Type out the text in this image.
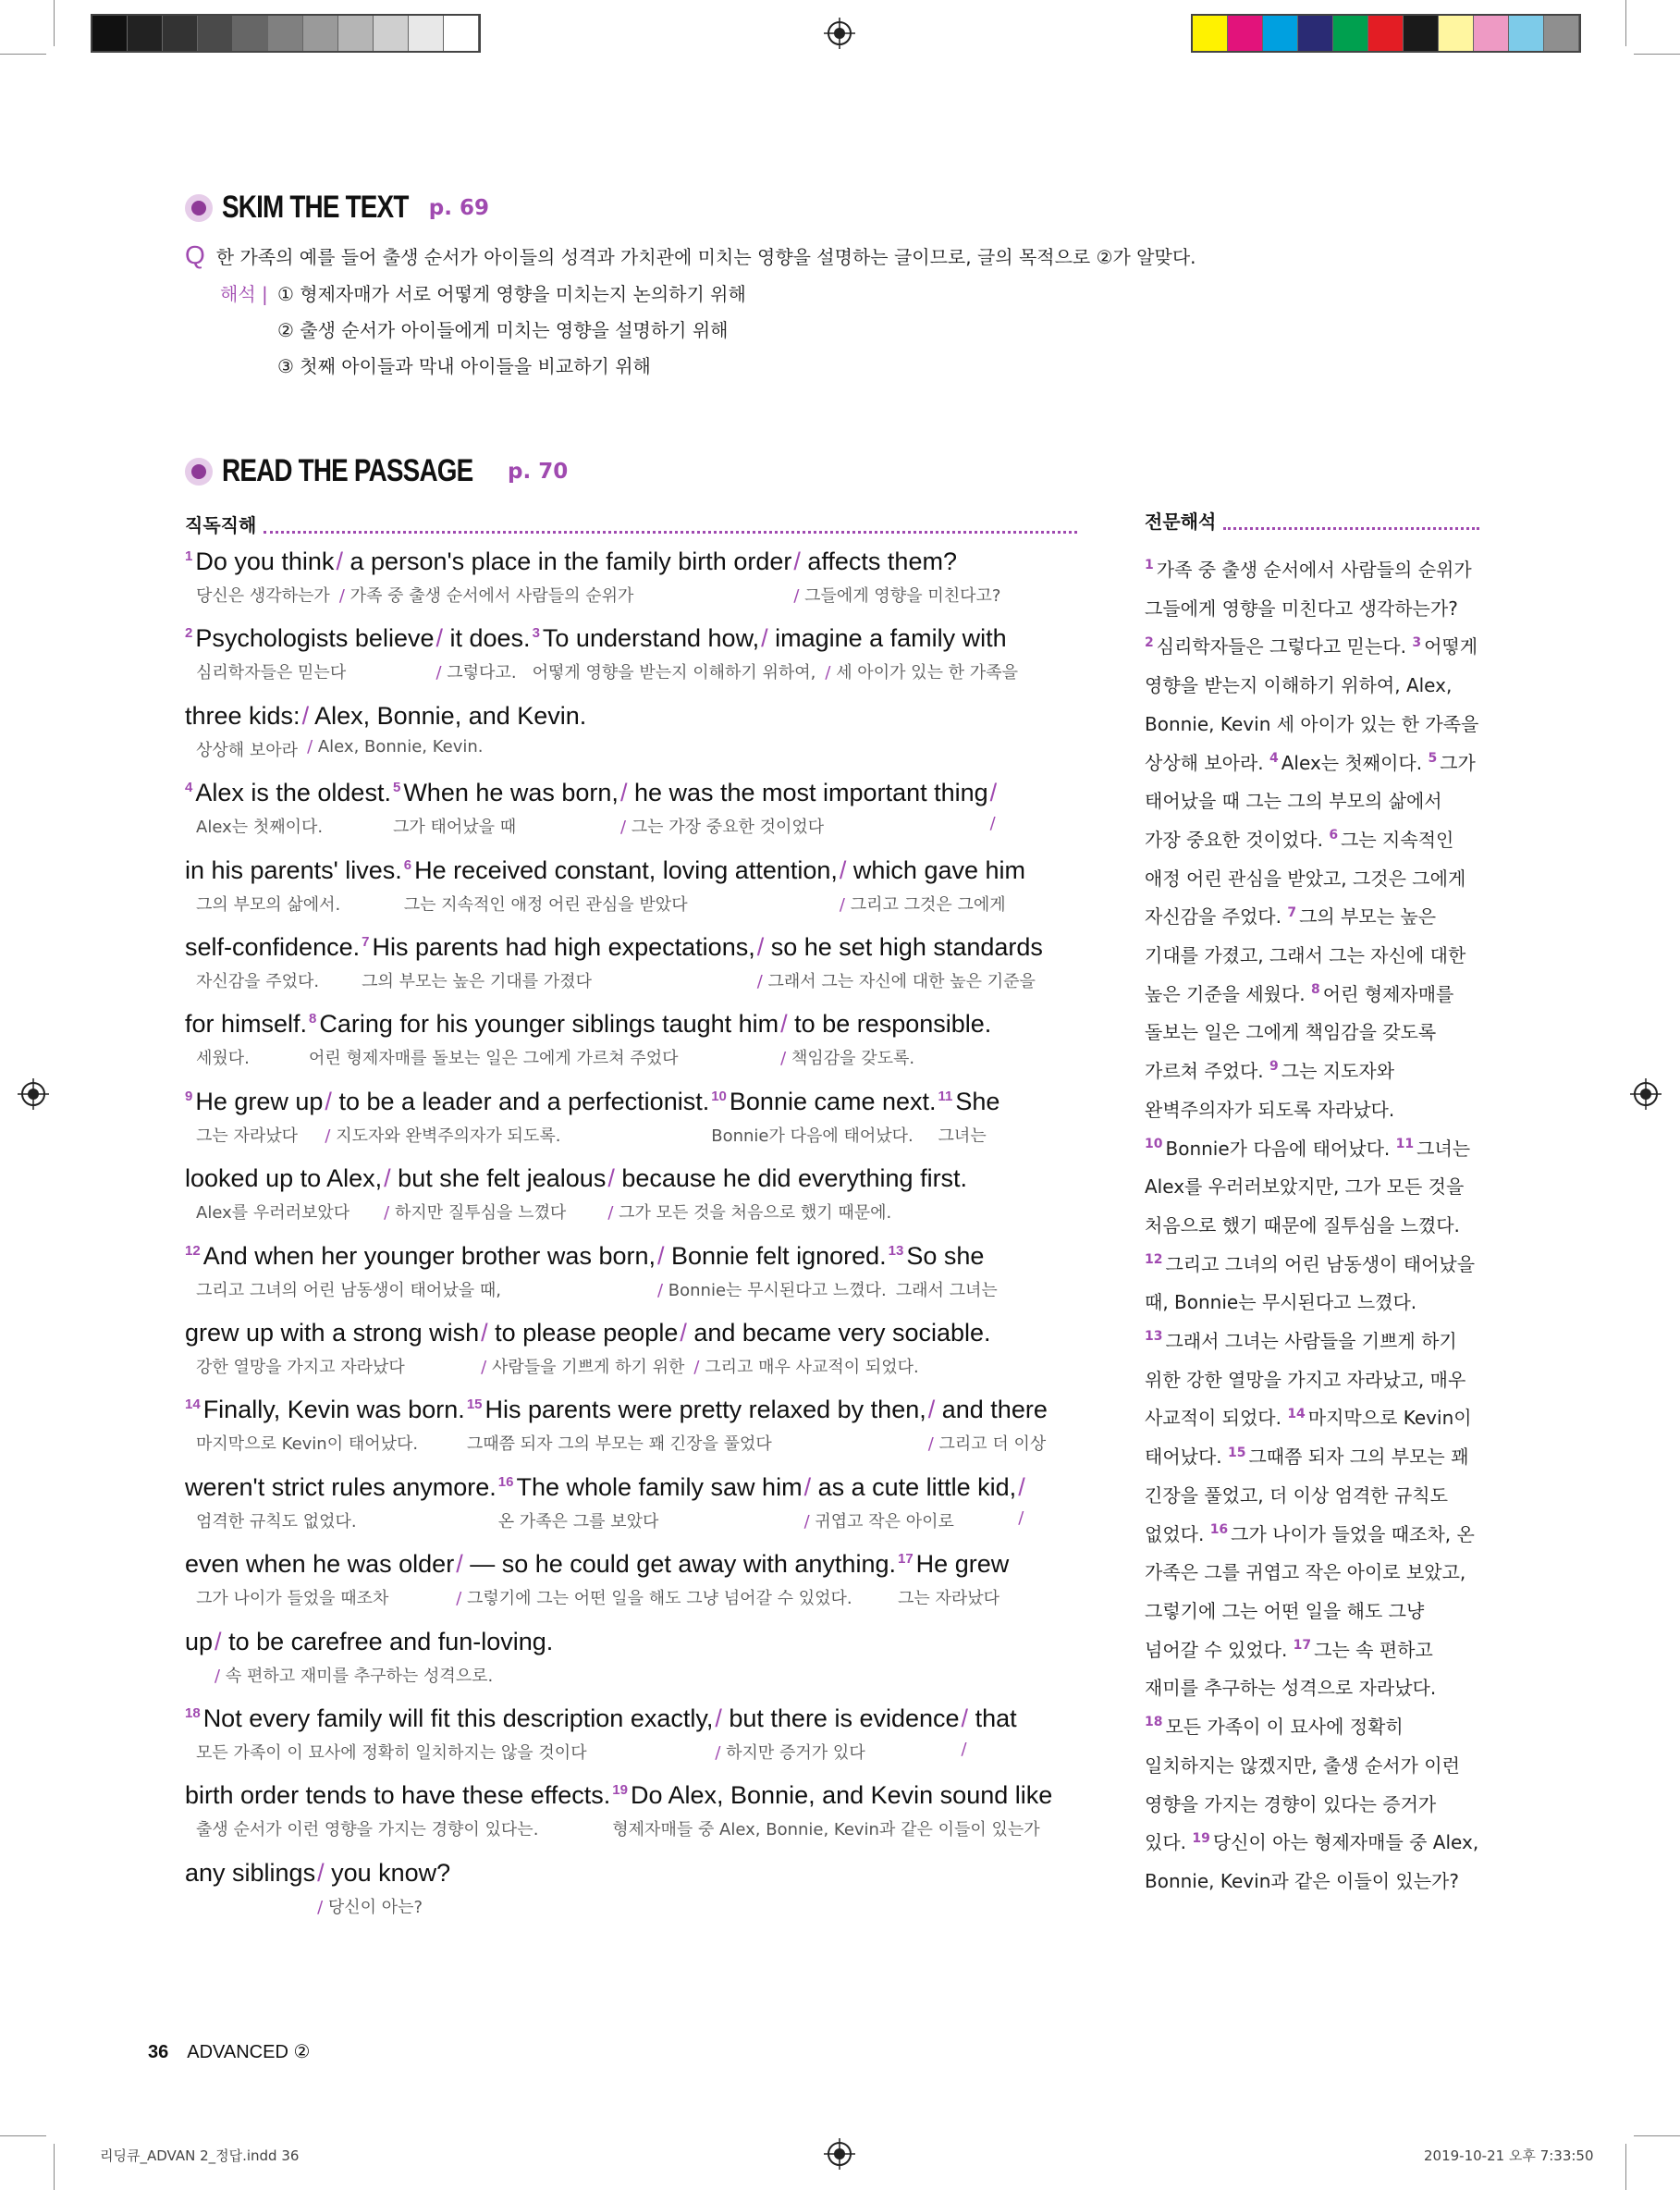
SKIM THE TEXT p. 69
Q 한 가족의 예를 들어 출생 순서가 아이들의 성격과 가치관에 미치는 영향을 설명하는 글이므로, 글의 목적으로 ②가 알맞다.
해석 | ① 형제자매가 서로 어떻게 영향을 미치는지 논의하기 위해
② 출생 순서가 아이들에게 미치는 영향을 설명하기 위해
③ 첫째 아이들과 막내 아이들을 비교하기 위해
READ THE PASSAGE p. 70
직독직해	전문해석
$^1$ Do you think / a person's place in the family birth order / affects them?
당신은 생각하는가 / 가족 중 출생 순서에서 사람들의 순위가	/ 그들에게 영향을 미친다고?
$^2$ Psychologists believe / it does. $^3$ To understand how, / imagine a family with
심리학자들은 믿는다	/ 그렇다고. 어떻게 영향을 받는지 이해하기 위하여, / 세 아이가 있는 한 가족을
three kids: / Alex, Bonnie, and Kevin.
상상해 보아라 / Alex, Bonnie, Kevin.
$^4$ Alex is the oldest. $^5$ When he was born, / he was the most important thing /
Alex는 첫째이다.	그가 태어났을 때	/ 그는 가장 중요한 것이었다	/
in his parents' lives. $^6$ He received constant, loving attention, / which gave him
그의 부모의 삶에서.	그는 지속적인 애정 어린 관심을 받았다	/ 그리고 그것은 그에게
self-confidence. $^7$ His parents had high expectations, / so he set high standards
자신감을 주었다.	그의 부모는 높은 기대를 가졌다	/ 그래서 그는 자신에 대한 높은 기준을
for himself. $^8$ Caring for his younger siblings taught him / to be responsible.
세웠다.	어린 형제자매를 돌보는 일은 그에게 가르쳐 주었다	/ 책임감을 갖도록.
$^9$ He grew up / to be a leader and a perfectionist. $^{10}$ Bonnie came next. $^{11}$ She
그는 자라났다 / 지도자와 완벽주의자가 되도록.	Bonnie가 다음에 태어났다. 그녀는
looked up to Alex, / but she felt jealous / because he did everything first.
Alex를 우러러보았다 / 하지만 질투심을 느꼈다	/ 그가 모든 것을 처음으로 했기 때문에.
$^{12}$ And when her younger brother was born, / Bonnie felt ignored. $^{13}$ So she
그리고 그녀의 어린 남동생이 태어났을 때,	/ Bonnie는 무시된다고 느꼈다. 그래서 그녀는
grew up with a strong wish / to please people / and became very sociable.
강한 열망을 가지고 자라났다	/ 사람들을 기쁘게 하기 위한 / 그리고 매우 사교적이 되었다.
$^{14}$ Finally, Kevin was born. $^{15}$ His parents were pretty relaxed by then, / and there
마지막으로 Kevin이 태어났다.	그때쯤 되자 그의 부모는 꽤 긴장을 풀었다	/ 그리고 더 이상
weren't strict rules anymore. $^{16}$ The whole family saw him / as a cute little kid, /
엄격한 규칙도 없었다.	온 가족은 그를 보았다	/ 귀엽고 작은 아이로	/
even when he was older / — so he could get away with anything. $^{17}$ He grew
그가 나이가 들었을 때조차	/ 그렇기에 그는 어떤 일을 해도 그냥 넘어갈 수 있었다.	그는 자라났다
up / to be carefree and fun-loving.
/ 속 편하고 재미를 추구하는 성격으로.
$^{18}$ Not every family will fit this description exactly, / but there is evidence / that
모든 가족이 이 묘사에 정확히 일치하지는 않을 것이다	/ 하지만 증거가 있다	/
birth order tends to have these effects. $^{19}$ Do Alex, Bonnie, and Kevin sound like
출생 순서가 이런 영향을 가지는 경향이 있다는.	형제자매들 중 Alex, Bonnie, Kevin과 같은 이들이 있는가
any siblings / you know?
/ 당신이 아는?
$^1$ 가족 중 출생 순서에서 사람들의 순위가 그들에게 영향을 미친다고 생각하는가? $^2$ 심리학자들은 그렇다고 믿는다. $^3$ 어떻게 영향을 받는지 이해하기 위하여, Alex, Bonnie, Kevin 세 아이가 있는 한 가족을 상상해 보아라. $^4$ Alex는 첫째이다. $^5$ 그가 태어났을 때 그는 그의 부모의 삶에서 가장 중요한 것이었다. $^6$ 그는 지속적인 애정 어린 관심을 받았고, 그것은 그에게 자신감을 주었다. $^7$ 그의 부모는 높은 기대를 가졌고, 그래서 그는 자신에 대한 높은 기준을 세웠다. $^8$ 어린 형제자매를 돌보는 일은 그에게 책임감을 갖도록 가르쳐 주었다. $^9$ 그는 지도자와 완벽주의자가 되도록 자라났다. $^{10}$ Bonnie가 다음에 태어났다. $^{11}$ 그녀는 Alex를 우러러보았지만, 그가 모든 것을 처음으로 했기 때문에 질투심을 느꼈다. $^{12}$ 그리고 그녀의 어린 남동생이 태어났을 때, Bonnie는 무시된다고 느꼈다. $^{13}$ 그래서 그녀는 사람들을 기쁘게 하기 위한 강한 열망을 가지고 자라났고, 매우 사교적이 되었다. $^{14}$ 마지막으로 Kevin이 태어났다. $^{15}$ 그때쯤 되자 그의 부모는 꽤 긴장을 풀었고, 더 이상 엄격한 규칙도 없었다. $^{16}$ 그가 나이가 들었을 때조차, 온 가족은 그를 귀엽고 작은 아이로 보았고, 그렇기에 그는 어떤 일을 해도 그냥 넘어갈 수 있었다. $^{17}$ 그는 속 편하고 재미를 추구하는 성격으로 자라났다. $^{18}$ 모든 가족이 이 묘사에 정확히 일치하지는 않겠지만, 출생 순서가 이런 영향을 가지는 경향이 있다는 증거가 있다. $^{19}$ 당신이 아는 형제자매들 중 Alex, Bonnie, Kevin과 같은 이들이 있는가?
36 ADVANCED ②
리딩큐_ADVAN 2_정답.indd 36	2019-10-21 오후 7:33:50
